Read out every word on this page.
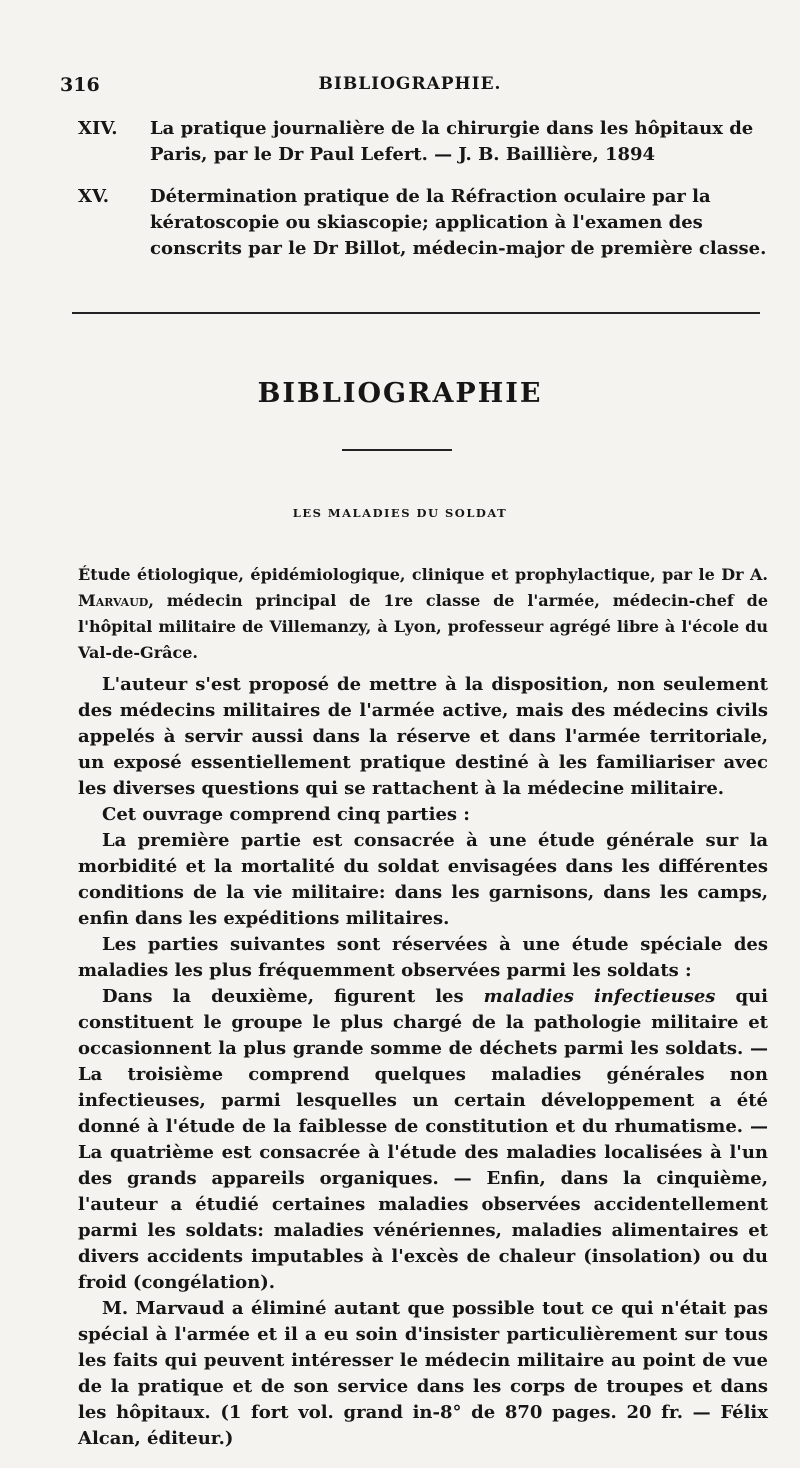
316	BIBLIOGRAPHIE.
XIV. La pratique journalière de la chirurgie dans les hôpitaux de Paris, par le Dr Paul Lefert. — J. B. Baillière, 1894
XV. Détermination pratique de la Réfraction oculaire par la kératoscopie ou skiascopie; application à l'examen des conscrits par le Dr Billot, médecin-major de première classe.
BIBLIOGRAPHIE
LES MALADIES DU SOLDAT
Étude étiologique, épidémiologique, clinique et prophylactique, par le Dr A. Marvaud, médecin principal de 1re classe de l'armée, médecin-chef de l'hôpital militaire de Villemanzy, à Lyon, professeur agrégé libre à l'école du Val-de-Grâce.

L'auteur s'est proposé de mettre à la disposition, non seulement des médecins militaires de l'armée active, mais des médecins civils appelés à servir aussi dans la réserve et dans l'armée territoriale, un exposé essentiellement pratique destiné à les familiariser avec les diverses questions qui se rattachent à la médecine militaire.

Cet ouvrage comprend cinq parties :

La première partie est consacrée à une étude générale sur la morbidité et la mortalité du soldat envisagées dans les différentes conditions de la vie militaire: dans les garnisons, dans les camps, enfin dans les expéditions militaires.

Les parties suivantes sont réservées à une étude spéciale des maladies les plus fréquemment observées parmi les soldats :

Dans la deuxième, figurent les maladies infectieuses qui constituent le groupe le plus chargé de la pathologie militaire et occasionnent la plus grande somme de déchets parmi les soldats. — La troisième comprend quelques maladies générales non infectieuses, parmi lesquelles un certain développement a été donné à l'étude de la faiblesse de constitution et du rhumatisme. — La quatrième est consacrée à l'étude des maladies localisées à l'un des grands appareils organiques. — Enfin, dans la cinquième, l'auteur a étudié certaines maladies observées accidentellement parmi les soldats: maladies vénériennes, maladies alimentaires et divers accidents imputables à l'excès de chaleur (insolation) ou du froid (congélation).

M. Marvaud a éliminé autant que possible tout ce qui n'était pas spécial à l'armée et il a eu soin d'insister particulièrement sur tous les faits qui peuvent intéresser le médecin militaire au point de vue de la pratique et de son service dans les corps de troupes et dans les hôpitaux. (1 fort vol. grand in-8° de 870 pages. 20 fr. — Félix Alcan, éditeur.)
